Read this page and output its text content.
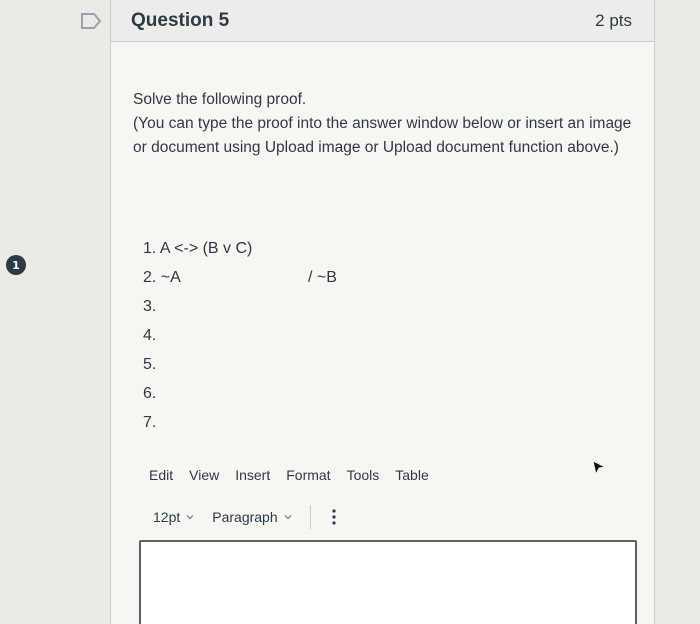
1
Question 5	2 pts
Solve the following proof.
(You can type the proof into the answer window below or insert an image or document using Upload image or Upload document function above.)
1. A <-> (B v C)
2. ~A	/ ~B
3.
4.
5.
6.
7.
Edit View Insert Format Tools Table
12pt Paragraph
